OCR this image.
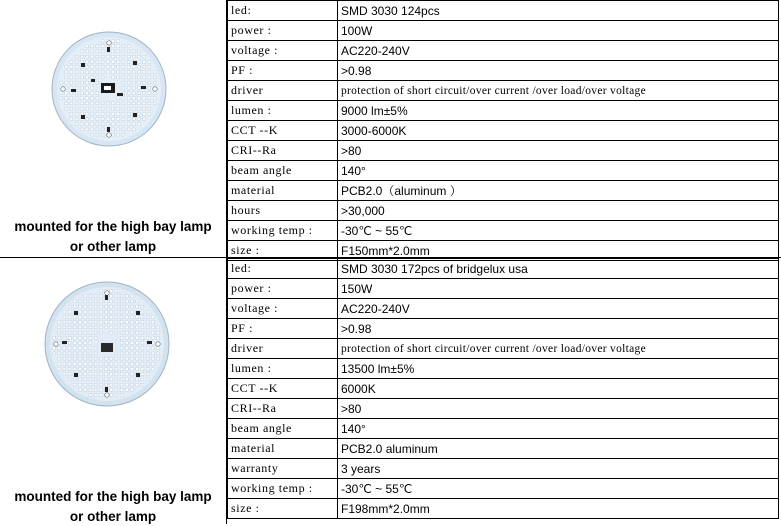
mounted for the high bay lamp
or other lamp
led:	SMD 3030 124pcs
power :	100W
voltage :	AC220-240V
PF :	>0.98
driver	protection of short circuit/over current /over load/over voltage
lumen :	9000 lm±5%
CCT --K	3000-6000K
CRI--Ra	>80
beam angle	140°
material	PCB2.0（aluminum ）
hours	>30,000
working temp :	-30℃ ~ 55℃
size :	F150mm*2.0mm
mounted for the high bay lamp
or other lamp
led:	SMD 3030 172pcs of bridgelux usa
power :	150W
voltage :	AC220-240V
PF :	>0.98
driver	protection of short circuit/over current /over load/over voltage
lumen :	13500 lm±5%
CCT --K	6000K
CRI--Ra	>80
beam angle	140°
material	PCB2.0 aluminum
warranty	3 years
working temp :	-30℃ ~ 55℃
size :	F198mm*2.0mm
